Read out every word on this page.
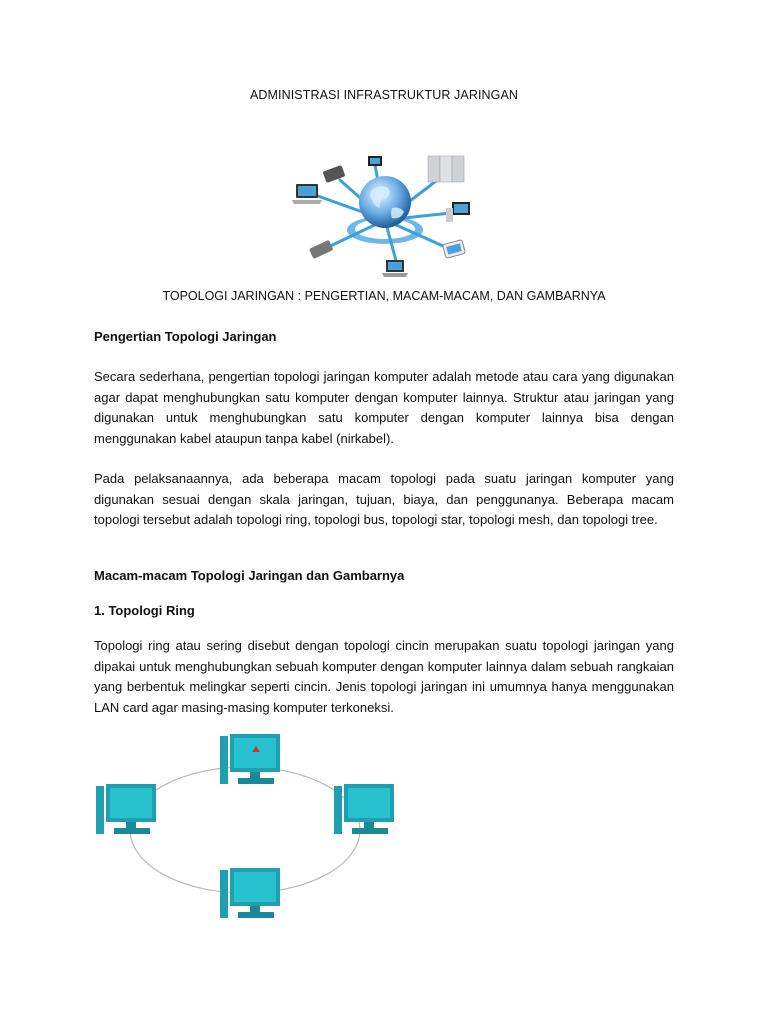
ADMINISTRASI INFRASTRUKTUR JARINGAN
TOPOLOGI JARINGAN : PENGERTIAN, MACAM-MACAM, DAN GAMBARNYA
Pengertian Topologi Jaringan

Secara sederhana, pengertian topologi jaringan komputer adalah metode atau cara yang digunakan agar dapat menghubungkan satu komputer dengan komputer lainnya. Struktur atau jaringan yang digunakan untuk menghubungkan satu komputer dengan komputer lainnya bisa dengan menggunakan kabel ataupun tanpa kabel (nirkabel).

Pada pelaksanaannya, ada beberapa macam topologi pada suatu jaringan komputer yang digunakan sesuai dengan skala jaringan, tujuan, biaya, dan penggunanya. Beberapa macam topologi tersebut adalah topologi ring, topologi bus, topologi star, topologi mesh, dan topologi tree.

Macam-macam Topologi Jaringan dan Gambarnya
1. Topologi Ring

Topologi ring atau sering disebut dengan topologi cincin merupakan suatu topologi jaringan yang dipakai untuk menghubungkan sebuah komputer dengan komputer lainnya dalam sebuah rangkaian yang berbentuk melingkar seperti cincin. Jenis topologi jaringan ini umumnya hanya menggunakan LAN card agar masing-masing komputer terkoneksi.
